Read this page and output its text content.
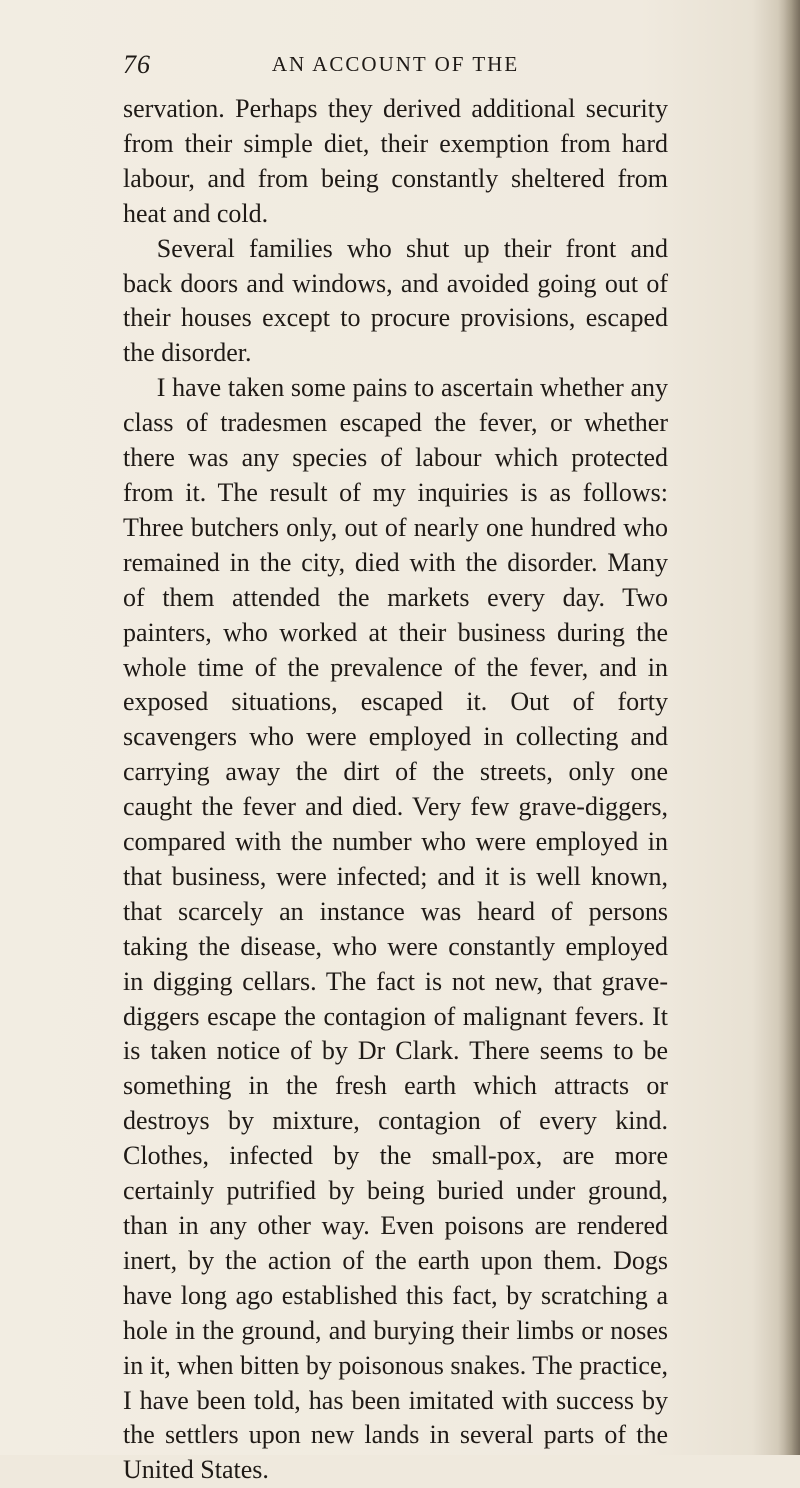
76	AN ACCOUNT OF THE

servation. Perhaps they derived additional security from their simple diet, their exemption from hard labour, and from being constantly sheltered from heat and cold.

Several families who shut up their front and back doors and windows, and avoided going out of their houses except to procure provisions, escaped the disorder.

I have taken some pains to ascertain whether any class of tradesmen escaped the fever, or whether there was any species of labour which protected from it. The result of my inquiries is as follows: Three butchers only, out of nearly one hundred who remained in the city, died with the disorder. Many of them attended the markets every day. Two painters, who worked at their business during the whole time of the prevalence of the fever, and in exposed situations, escaped it. Out of forty scavengers who were employed in collecting and carrying away the dirt of the streets, only one caught the fever and died. Very few grave-diggers, compared with the number who were employed in that business, were infected; and it is well known, that scarcely an instance was heard of persons taking the disease, who were constantly employed in digging cellars. The fact is not new, that grave-diggers escape the contagion of malignant fevers. It is taken notice of by Dr Clark. There seems to be something in the fresh earth which attracts or destroys by mixture, contagion of every kind. Clothes, infected by the small-pox, are more certainly putrified by being buried under ground, than in any other way. Even poisons are rendered inert, by the action of the earth upon them. Dogs have long ago established this fact, by scratching a hole in the ground, and burying their limbs or noses in it, when bitten by poisonous snakes. The practice, I have been told, has been imitated with success by the settlers upon new lands in several parts of the United States.
